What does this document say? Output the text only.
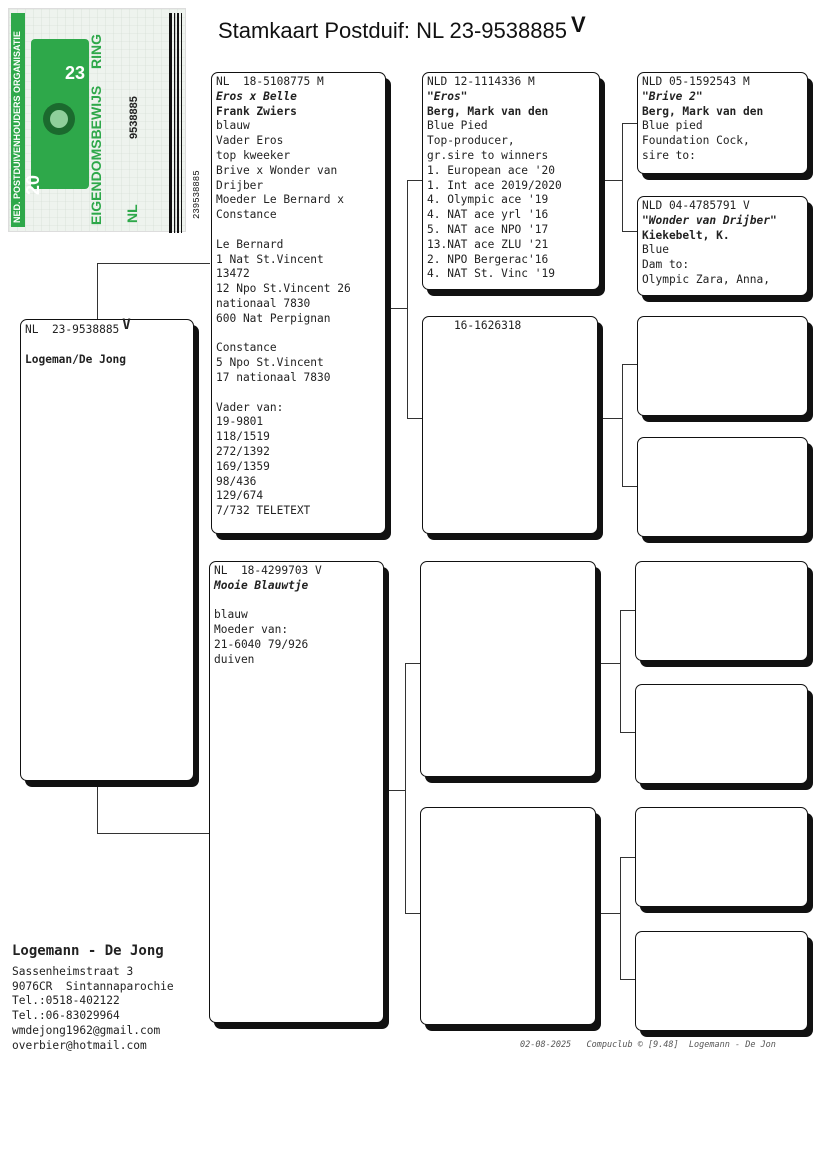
NED. POSTDUIVENHOUDERS ORGANISATIE	EIGENDOMSBEWIJS
RING
20
23
NL
9538885
239538885
Stamkaart Postduif: NL 23-9538885 V
NL  23-9538885 V
Logeman/De Jong
NL  18-5108775 M
Eros x Belle
Frank Zwiers
blauw
Vader Eros
top kweeker
Brive x Wonder van
Drijber
Moeder Le Bernard x
Constance
Le Bernard
1 Nat St.Vincent
13472
12 Npo St.Vincent 26
nationaal 7830
600 Nat Perpignan
Constance
5 Npo St.Vincent
17 nationaal 7830
Vader van:
19-9801
118/1519
272/1392
169/1359
98/436
129/674
7/732 TELETEXT
NL  18-4299703 V
Mooie Blauwtje
blauw
Moeder van:
21-6040 79/926
duiven
NLD 12-1114336 M
"Eros"
Berg, Mark van den
Blue Pied
Top-producer,
gr.sire to winners
1. European ace '20
1. Int ace 2019/2020
4. Olympic ace '19
4. NAT ace yrl '16
5. NAT ace NPO '17
13.NAT ace ZLU '21
2. NPO Bergerac'16
4. NAT St. Vinc '19
16-1626318
NLD 05-1592543 M
"Brive 2"
Berg, Mark van den
Blue pied
Foundation Cock,
sire to:
NLD 04-4785791 V
"Wonder van Drijber"
Kiekebelt, K.
Blue
Dam to:
Olympic Zara, Anna,
Logemann - De Jong
Sassenheimstraat 3
9076CR  Sintannaparochie
Tel.:0518-402122
Tel.:06-83029964
wmdejong1962@gmail.com
overbier@hotmail.com	02-08-2025 Compuclub © [9.48] Logemann - De Jon
